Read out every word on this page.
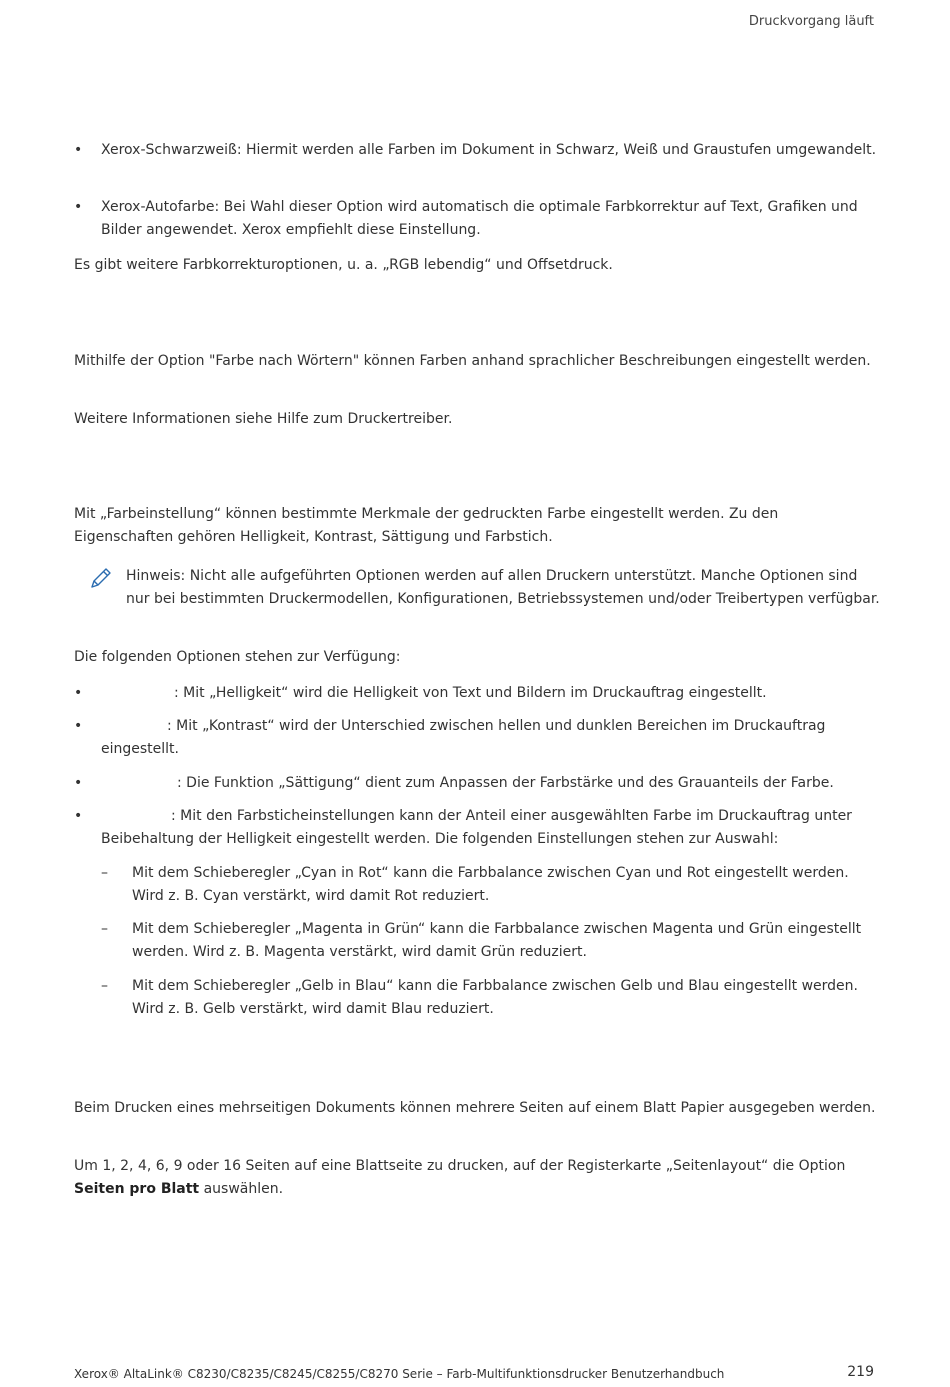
Druckvorgang läuft
• Xerox-Schwarzweiß: Hiermit werden alle Farben im Dokument in Schwarz, Weiß und Graustufen umgewandelt.
• Xerox-Autofarbe: Bei Wahl dieser Option wird automatisch die optimale Farbkorrektur auf Text, Grafiken und Bilder angewendet. Xerox empfiehlt diese Einstellung.
Es gibt weitere Farbkorrekturoptionen, u. a. „RGB lebendig“ und Offsetdruck.
Mithilfe der Option "Farbe nach Wörtern" können Farben anhand sprachlicher Beschreibungen eingestellt werden.
Weitere Informationen siehe Hilfe zum Druckertreiber.
Mit „Farbeinstellung“ können bestimmte Merkmale der gedruckten Farbe eingestellt werden. Zu den Eigenschaften gehören Helligkeit, Kontrast, Sättigung und Farbstich.
Hinweis: Nicht alle aufgeführten Optionen werden auf allen Druckern unterstützt. Manche Optionen sind nur bei bestimmten Druckermodellen, Konfigurationen, Betriebssystemen und/oder Treibertypen verfügbar.
Die folgenden Optionen stehen zur Verfügung:
•	: Mit „Helligkeit“ wird die Helligkeit von Text und Bildern im Druckauftrag eingestellt.
•	: Mit „Kontrast“ wird der Unterschied zwischen hellen und dunklen Bereichen im Druckauftrag eingestellt.
•	: Die Funktion „Sättigung“ dient zum Anpassen der Farbstärke und des Grauanteils der Farbe.
•	: Mit den Farbsticheinstellungen kann der Anteil einer ausgewählten Farbe im Druckauftrag unter Beibehaltung der Helligkeit eingestellt werden. Die folgenden Einstellungen stehen zur Auswahl:
– Mit dem Schieberegler „Cyan in Rot“ kann die Farbbalance zwischen Cyan und Rot eingestellt werden. Wird z. B. Cyan verstärkt, wird damit Rot reduziert.
– Mit dem Schieberegler „Magenta in Grün“ kann die Farbbalance zwischen Magenta und Grün eingestellt werden. Wird z. B. Magenta verstärkt, wird damit Grün reduziert.
– Mit dem Schieberegler „Gelb in Blau“ kann die Farbbalance zwischen Gelb und Blau eingestellt werden. Wird z. B. Gelb verstärkt, wird damit Blau reduziert.
Beim Drucken eines mehrseitigen Dokuments können mehrere Seiten auf einem Blatt Papier ausgegeben werden.
Um 1, 2, 4, 6, 9 oder 16 Seiten auf eine Blattseite zu drucken, auf der Registerkarte „Seitenlayout“ die Option Seiten pro Blatt auswählen.
Xerox® AltaLink® C8230/C8235/C8245/C8255/C8270 Serie – Farb-Multifunktionsdrucker Benutzerhandbuch	219
